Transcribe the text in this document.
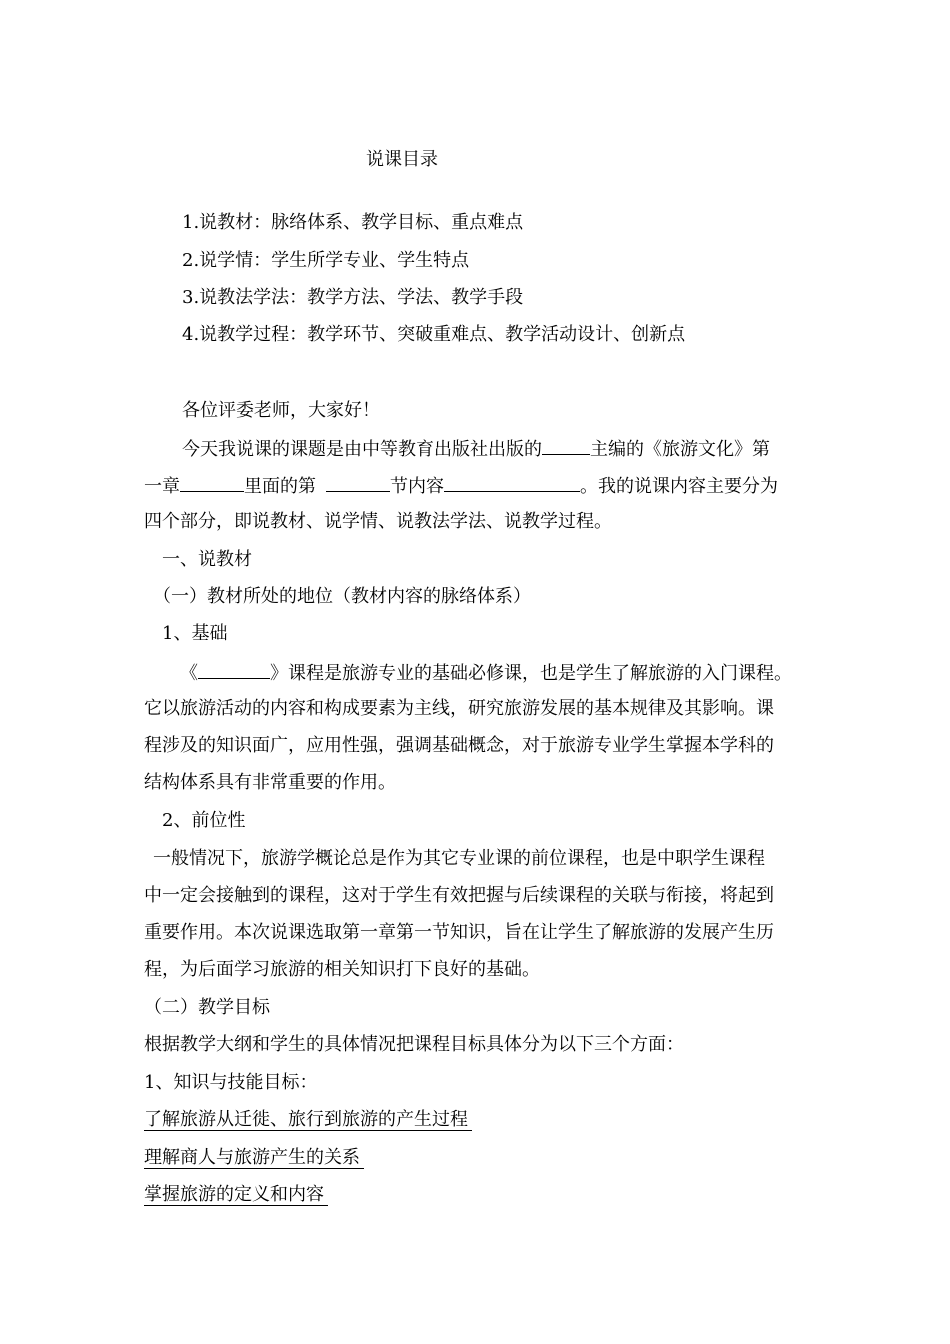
说课目录
1.说教材：脉络体系、教学目标、重点难点
2.说学情：学生所学专业、学生特点
3.说教法学法：教学方法、学法、教学手段
4.说教学过程：教学环节、突破重难点、教学活动设计、创新点
各位评委老师，大家好！
今天我说课的课题是由中等教育出版社出版的	主编的《旅游文化》第
一章	里面的第	节内容	。我的说课内容主要分为
四个部分，即说教材、说学情、说教法学法、说教学过程。
一、说教材
（一）教材所处的地位（教材内容的脉络体系）
1、基础
《	》课程是旅游专业的基础必修课，也是学生了解旅游的入门课程。
它以旅游活动的内容和构成要素为主线，研究旅游发展的基本规律及其影响。课
程涉及的知识面广，应用性强，强调基础概念，对于旅游专业学生掌握本学科的
结构体系具有非常重要的作用。
2、前位性
一般情况下，旅游学概论总是作为其它专业课的前位课程，也是中职学生课程
中一定会接触到的课程，这对于学生有效把握与后续课程的关联与衔接，将起到
重要作用。本次说课选取第一章第一节知识，旨在让学生了解旅游的发展产生历
程，为后面学习旅游的相关知识打下良好的基础。
（二）教学目标
根据教学大纲和学生的具体情况把课程目标具体分为以下三个方面：
1、知识与技能目标：
了解旅游从迁徙、旅行到旅游的产生过程
理解商人与旅游产生的关系
掌握旅游的定义和内容
